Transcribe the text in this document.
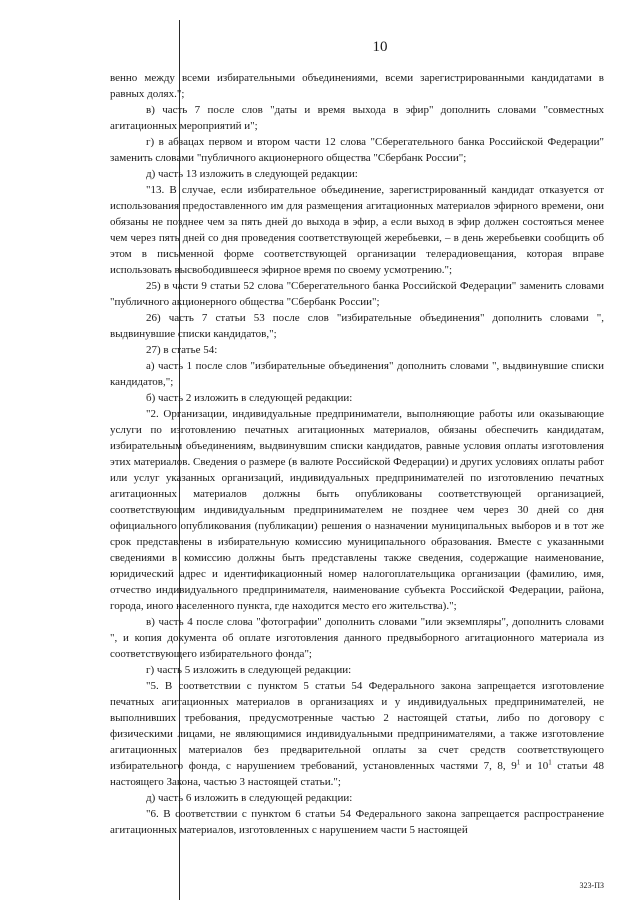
10

венно между всеми избирательными объединениями, всеми зарегистрированными кандидатами в равных долях.";

в) часть 7 после слов "даты и время выхода в эфир" дополнить словами "совместных агитационных мероприятий и";

г) в абзацах первом и втором части 12 слова "Сберегательного банка Российской Федерации" заменить словами "публичного акционерного общества "Сбербанк России";

д) часть 13 изложить в следующей редакции:

"13. В случае, если избирательное объединение, зарегистрированный кандидат отказуется от использования предоставленного им для размещения агитационных материалов эфирного времени, они обязаны не позднее чем за пять дней до выхода в эфир, а если выход в эфир должен состояться менее чем через пять дней со дня проведения соответствующей жеребьевки, – в день жеребьевки сообщить об этом в письменной форме соответствующей организации телерадиовещания, которая вправе использовать высвободившееся эфирное время по своему усмотрению.";

25) в части 9 статьи 52 слова "Сберегательного банка Российской Федерации" заменить словами "публичного акционерного общества "Сбербанк России";

26) часть 7 статьи 53 после слов "избирательные объединения" дополнить словами ", выдвинувшие списки кандидатов,";

27) в статье 54:

а) часть 1 после слов "избирательные объединения" дополнить словами ", выдвинувшие списки кандидатов,";

б) часть 2 изложить в следующей редакции:

"2. Организации, индивидуальные предприниматели, выполняющие работы или оказывающие услуги по изготовлению печатных агитационных материалов, обязаны обеспечить кандидатам, избирательным объединениям, выдвинувшим списки кандидатов, равные условия оплаты изготовления этих материалов. Сведения о размере (в валюте Российской Федерации) и других условиях оплаты работ или услуг указанных организаций, индивидуальных предпринимателей по изготовлению печатных агитационных материалов должны быть опубликованы соответствующей организацией, соответствующим индивидуальным предпринимателем не позднее чем через 30 дней со дня официального опубликования (публикации) решения о назначении муниципальных выборов и в тот же срок представлены в избирательную комиссию муниципального образования. Вместе с указанными сведениями в комиссию должны быть представлены также сведения, содержащие наименование, юридический адрес и идентификационный номер налогоплательщика организации (фамилию, имя, отчество индивидуального предпринимателя, наименование субъекта Российской Федерации, района, города, иного населенного пункта, где находится место его жительства).";

в) часть 4 после слова "фотографии" дополнить словами "или экземпляры", дополнить словами ", и копия документа об оплате изготовления данного предвыборного агитационного материала из соответствующего избирательного фонда";

г) часть 5 изложить в следующей редакции:

"5. В соответствии с пунктом 5 статьи 54 Федерального закона запрещается изготовление печатных агитационных материалов в организациях и у индивидуальных предпринимателей, не выполнивших требования, предусмотренные частью 2 настоящей статьи, либо по договору с физическими лицами, не являющимися индивидуальными предпринимателями, а также изготовление агитационных материалов без предварительной оплаты за счет средств соответствующего избирательного фонда, с нарушением требований, установленных частями 7, 8, $9^1$ и $10^1$ статьи 48 настоящего Закона, частью 3 настоящей статьи.";

д) часть 6 изложить в следующей редакции:

"6. В соответствии с пунктом 6 статьи 54 Федерального закона запрещается распространение агитационных материалов, изготовленных с нарушением части 5 настоящей

323-ПЗ
